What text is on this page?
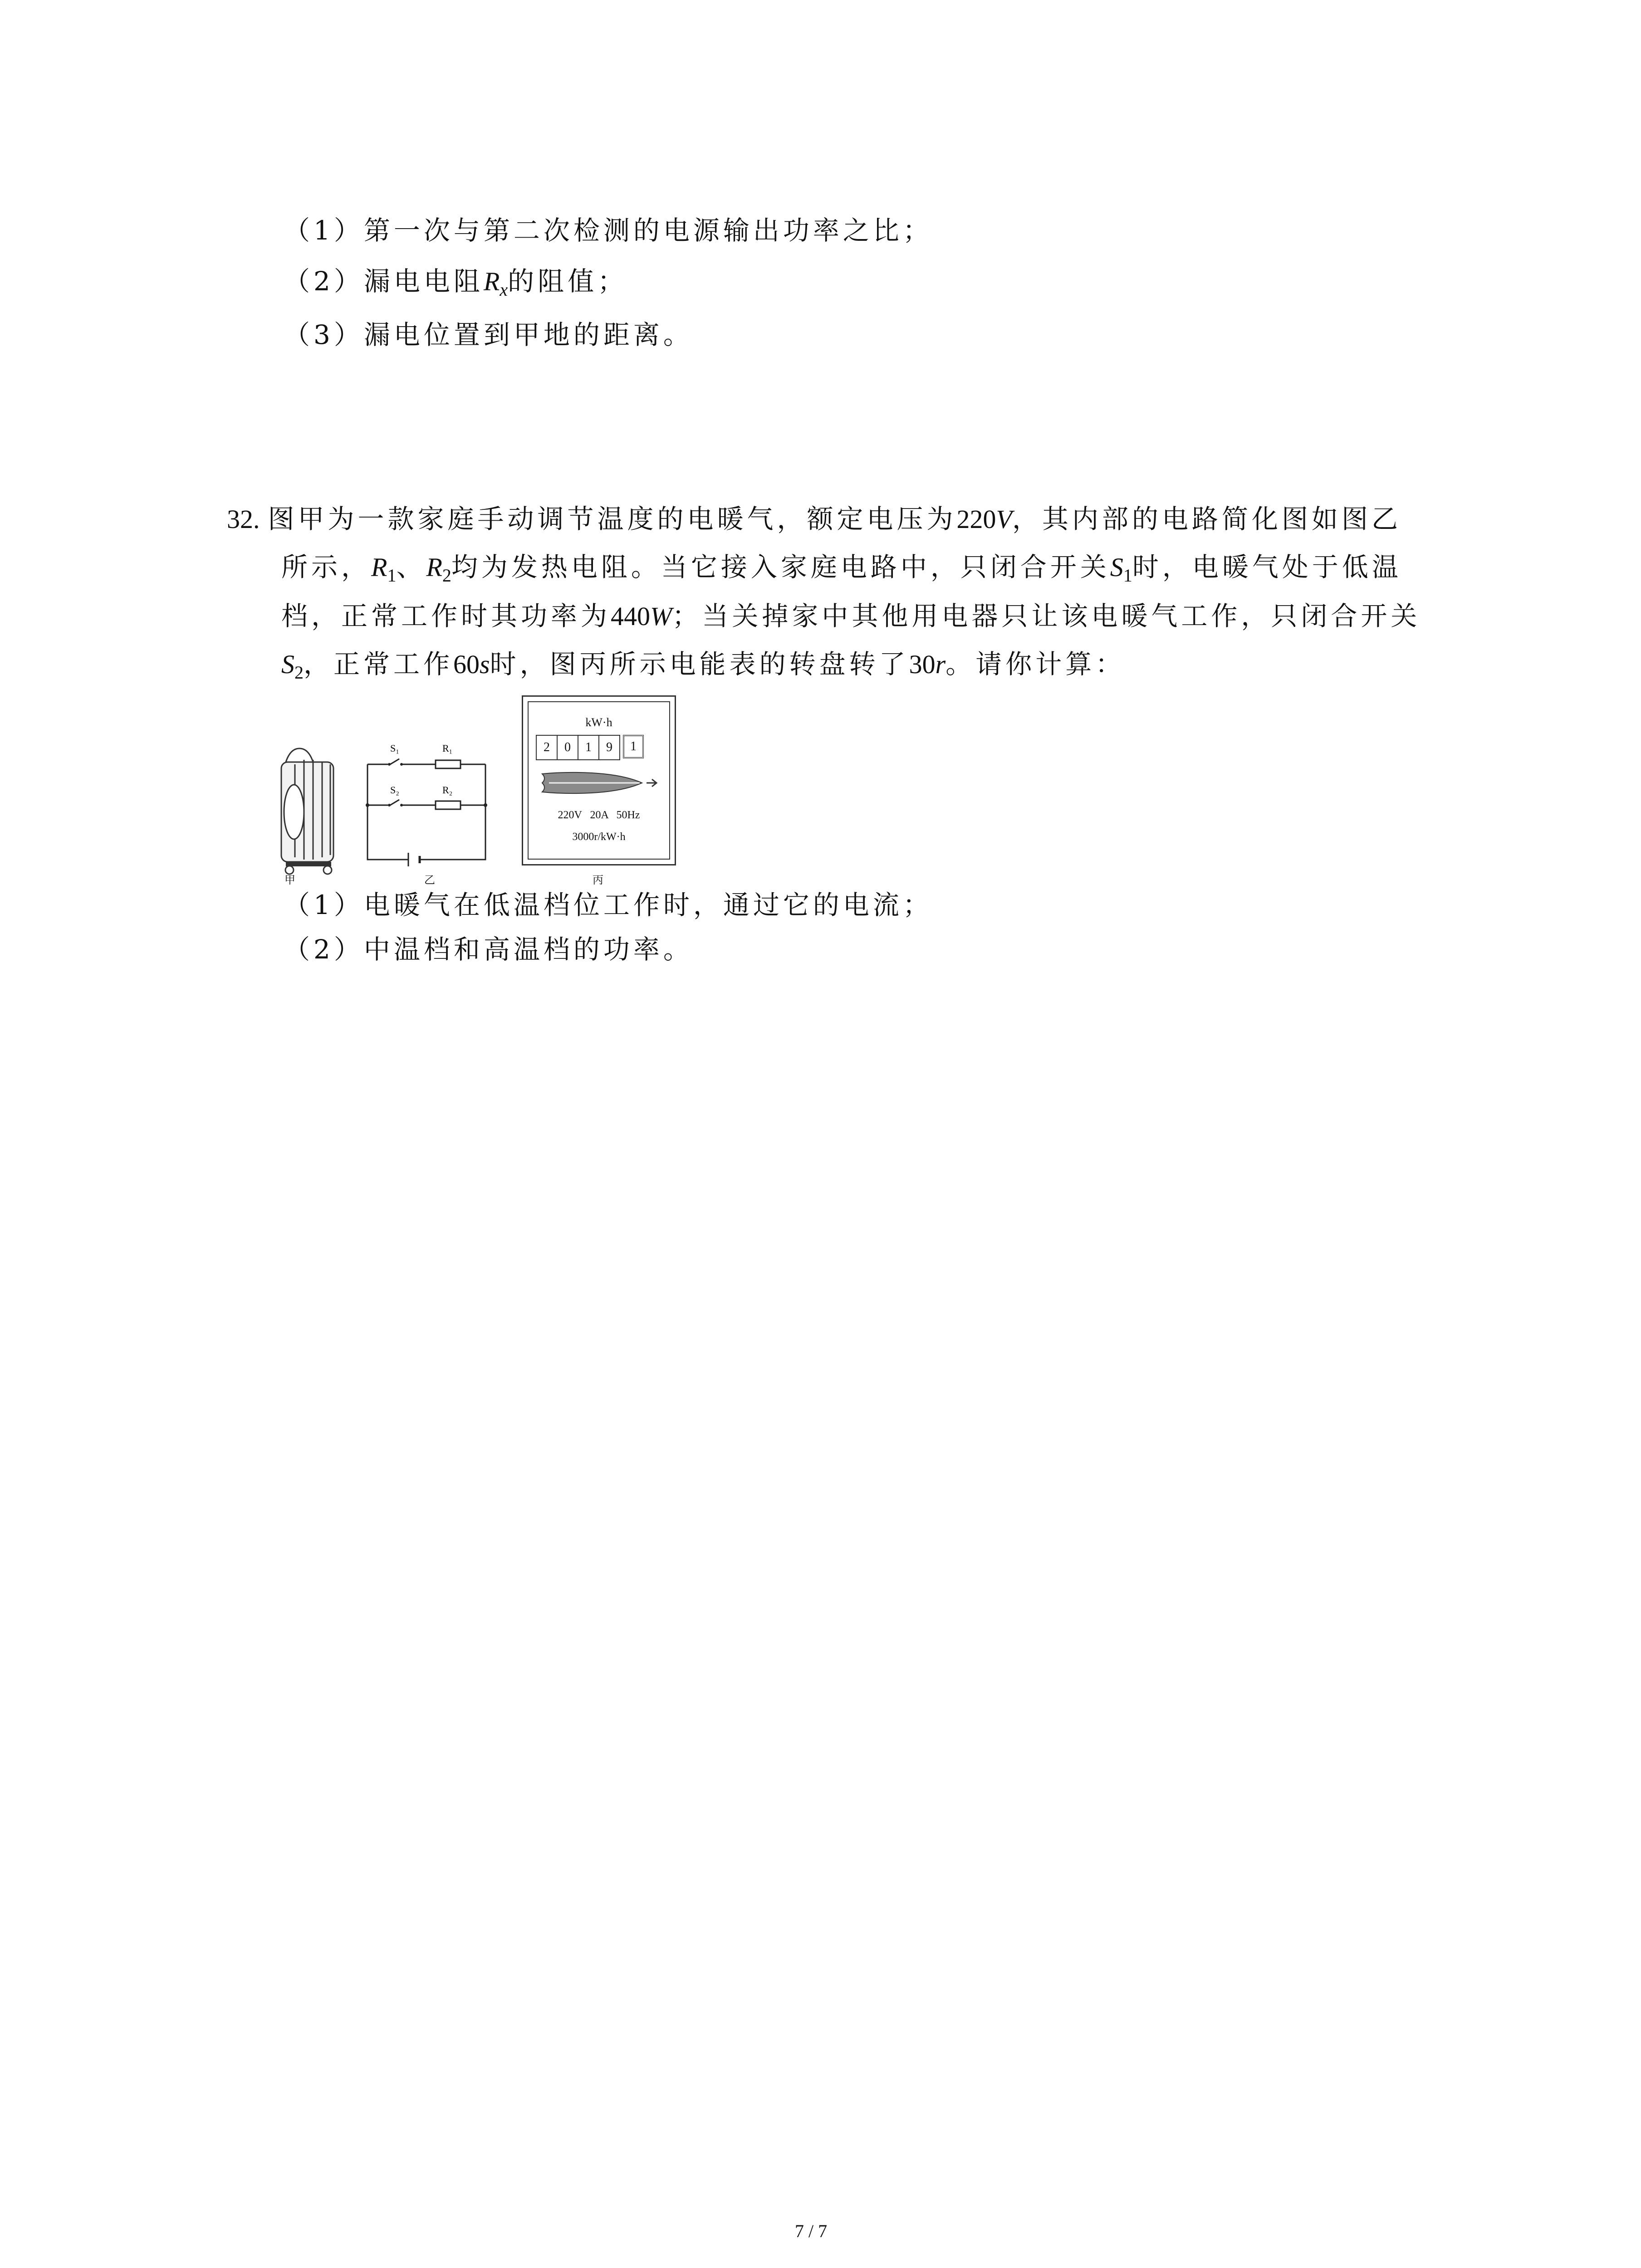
（1）第一次与第二次检测的电源输出功率之比；
（2）漏电电阻$R_x$的阻值；
（3）漏电位置到甲地的距离。
32. 图甲为一款家庭手动调节温度的电暖气，额定电压为220V，其内部的电路简化图如图乙
所示，$R_1$、$R_2$均为发热电阻。当它接入家庭电路中，只闭合开关$S_1$时，电暖气处于低温
档，正常工作时其功率为440W；当关掉家中其他用电器只让该电暖气工作，只闭合开关
$S_2$，正常工作60s时，图丙所示电能表的转盘转了30r。请你计算：
甲
S₁	R₁
S₂	R₂
乙
kW·h
2	0	1	9	1
220V   20A   50Hz
3000r/kW·h
丙
（1）电暖气在低温档位工作时，通过它的电流；
（2）中温档和高温档的功率。
7 / 7
